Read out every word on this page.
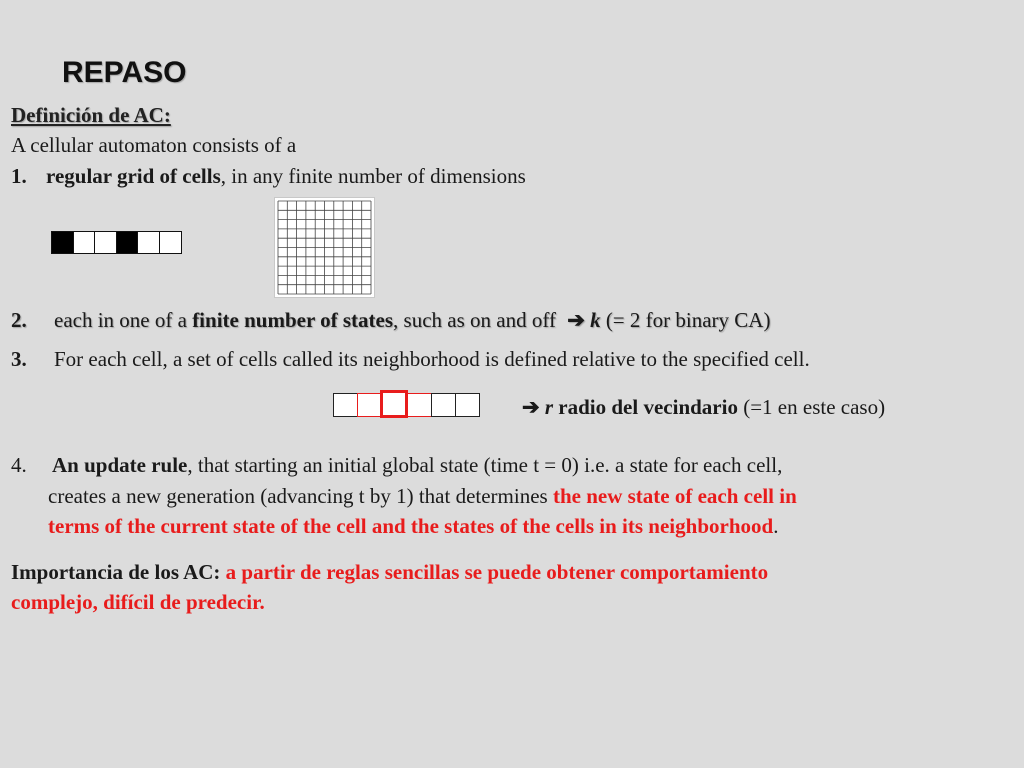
REPASO
Definición de AC:
A cellular automaton consists of a
1. regular grid of cells, in any finite number of dimensions
2. each in one of a finite number of states, such as on and off ➔ k (= 2 for binary CA)
3. For each cell, a set of cells called its neighborhood is defined relative to the specified cell.
➔ r radio del vecindario (=1 en este caso)
4. An update rule, that starting an initial global state (time t = 0) i.e. a state for each cell,
creates a new generation (advancing t by 1) that determines the new state of each cell in
terms of the current state of the cell and the states of the cells in its neighborhood.
Importancia de los AC: a partir de reglas sencillas se puede obtener comportamiento
complejo, difícil de predecir.
